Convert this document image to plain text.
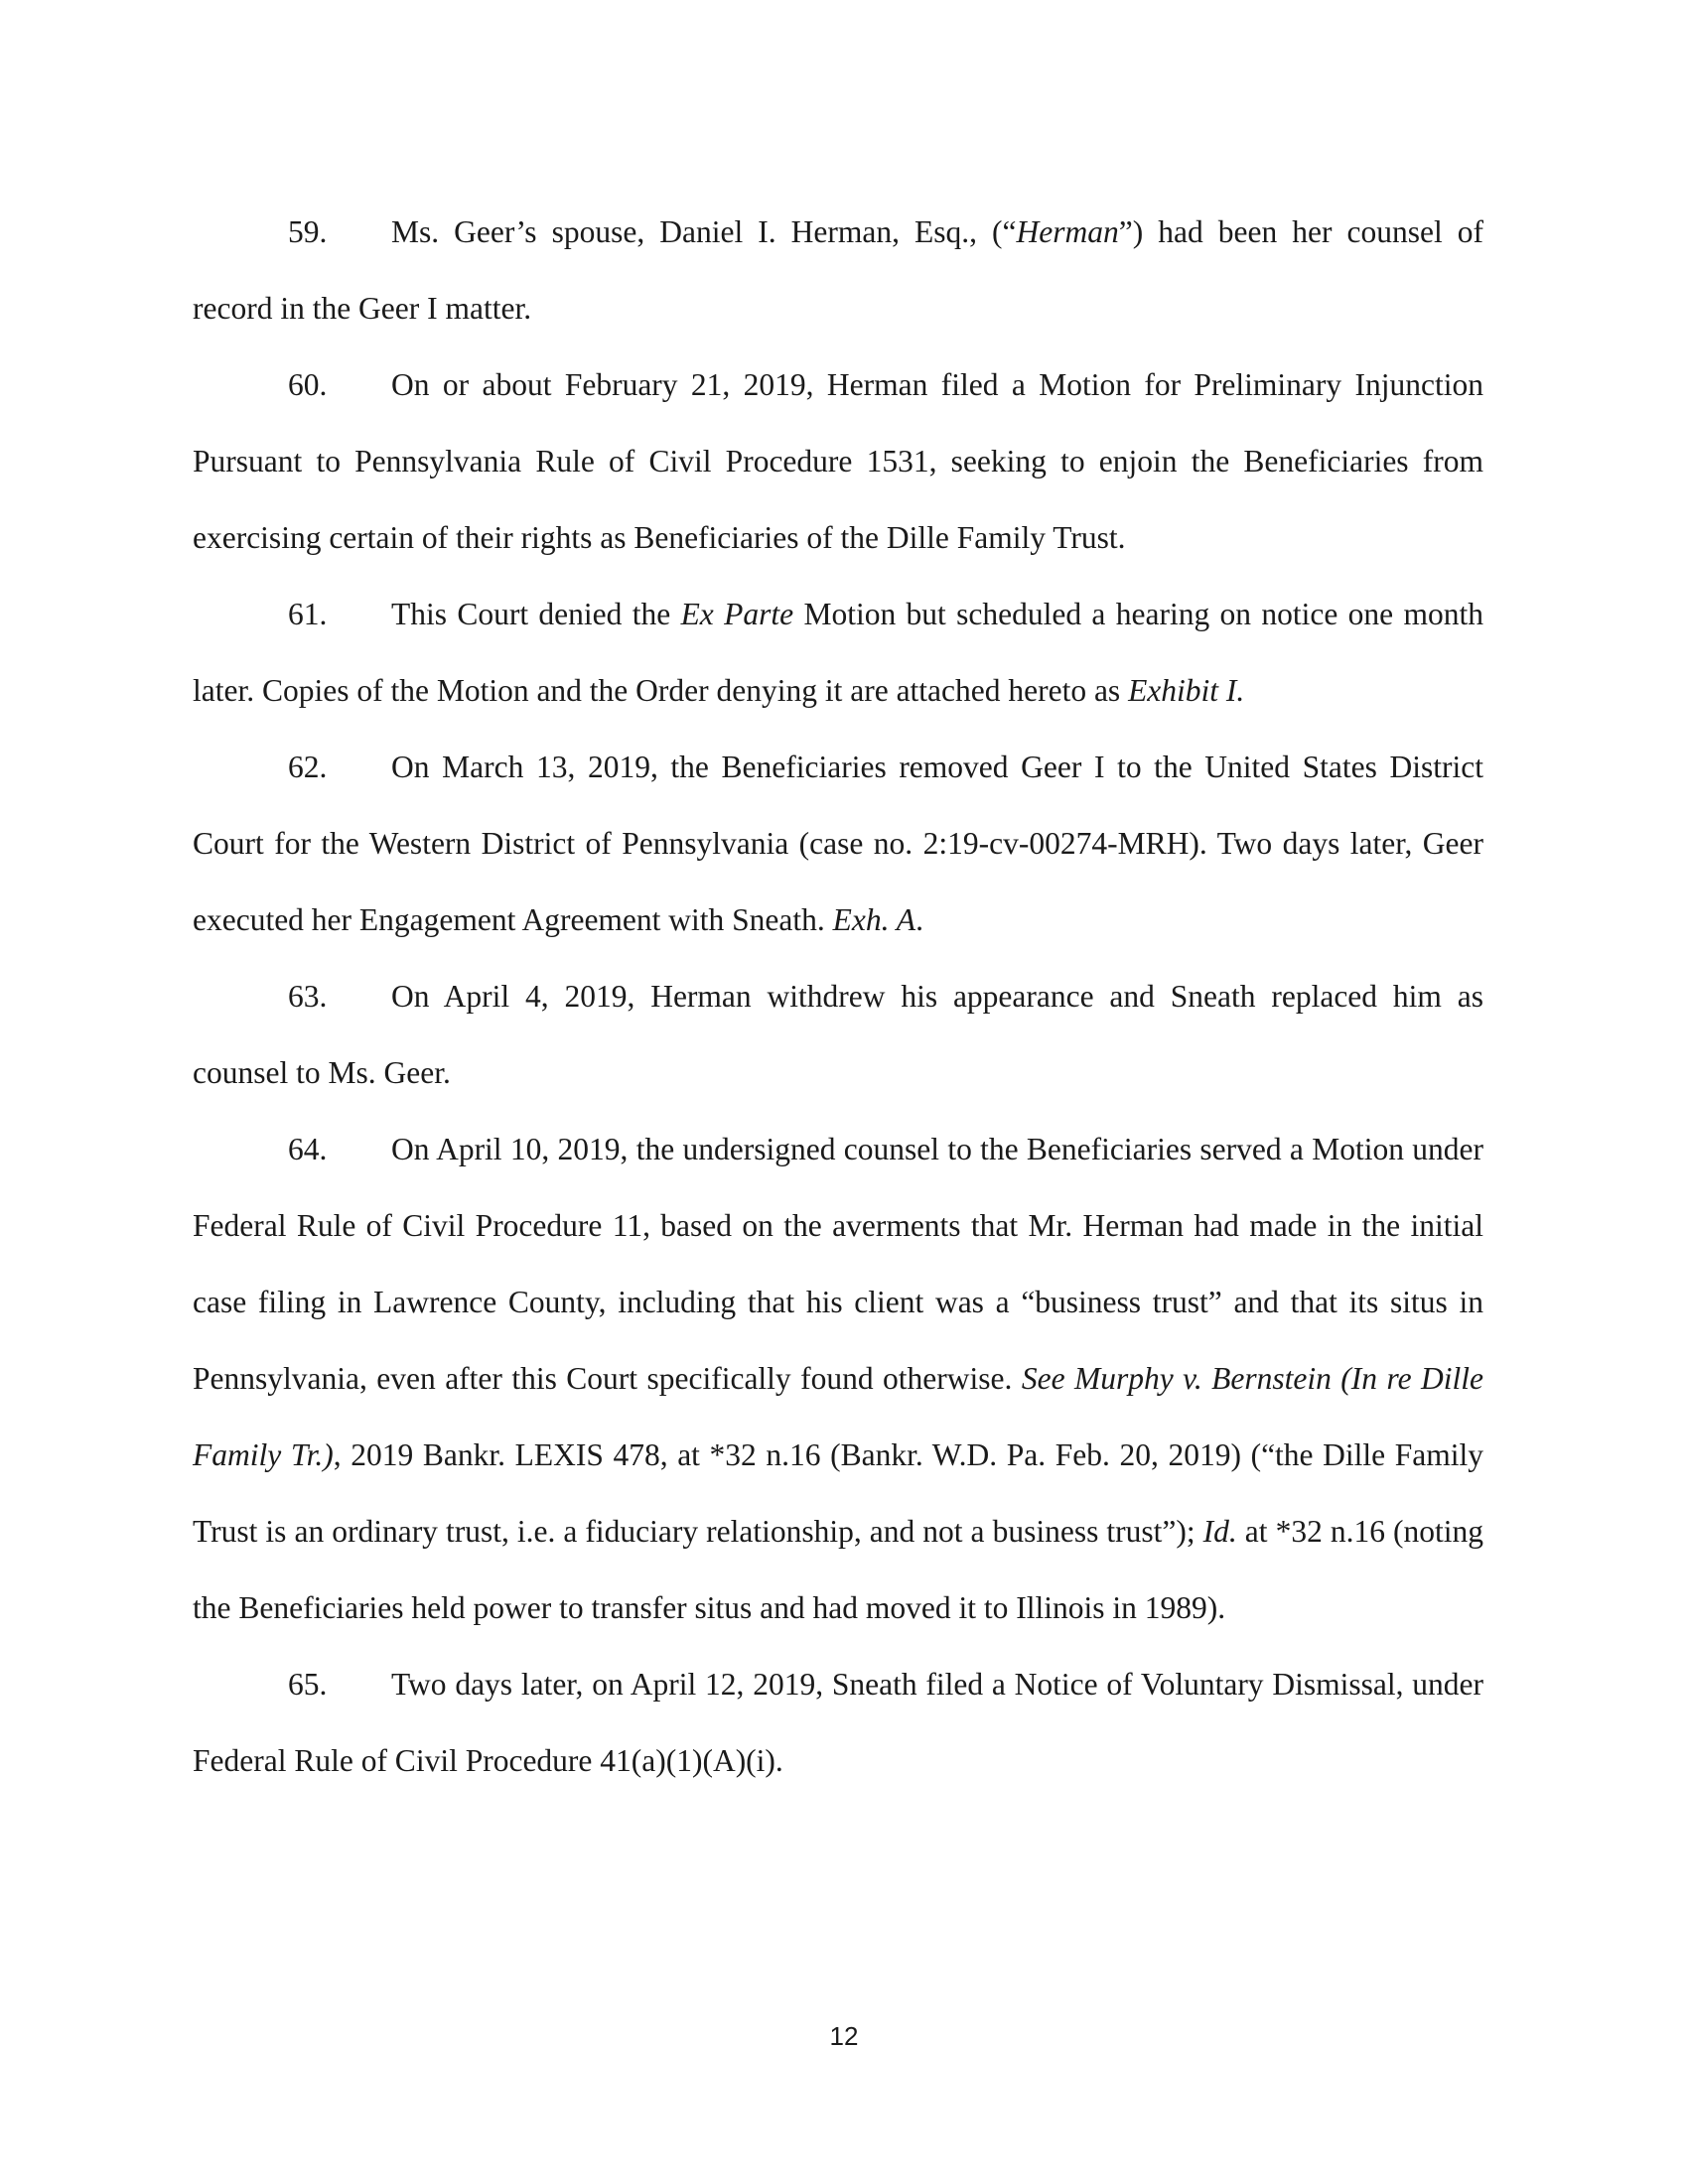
59. Ms. Geer’s spouse, Daniel I. Herman, Esq., (“Herman”) had been her counsel of record in the Geer I matter.

60. On or about February 21, 2019, Herman filed a Motion for Preliminary Injunction Pursuant to Pennsylvania Rule of Civil Procedure 1531, seeking to enjoin the Beneficiaries from exercising certain of their rights as Beneficiaries of the Dille Family Trust.

61. This Court denied the Ex Parte Motion but scheduled a hearing on notice one month later. Copies of the Motion and the Order denying it are attached hereto as Exhibit I.

62. On March 13, 2019, the Beneficiaries removed Geer I to the United States District Court for the Western District of Pennsylvania (case no. 2:19-cv-00274-MRH). Two days later, Geer executed her Engagement Agreement with Sneath. Exh. A.

63. On April 4, 2019, Herman withdrew his appearance and Sneath replaced him as counsel to Ms. Geer.

64. On April 10, 2019, the undersigned counsel to the Beneficiaries served a Motion under Federal Rule of Civil Procedure 11, based on the averments that Mr. Herman had made in the initial case filing in Lawrence County, including that his client was a “business trust” and that its situs in Pennsylvania, even after this Court specifically found otherwise. See Murphy v. Bernstein (In re Dille Family Tr.), 2019 Bankr. LEXIS 478, at *32 n.16 (Bankr. W.D. Pa. Feb. 20, 2019) (“the Dille Family Trust is an ordinary trust, i.e. a fiduciary relationship, and not a business trust”); Id. at *32 n.16 (noting the Beneficiaries held power to transfer situs and had moved it to Illinois in 1989).

65. Two days later, on April 12, 2019, Sneath filed a Notice of Voluntary Dismissal, under Federal Rule of Civil Procedure 41(a)(1)(A)(i).

12
